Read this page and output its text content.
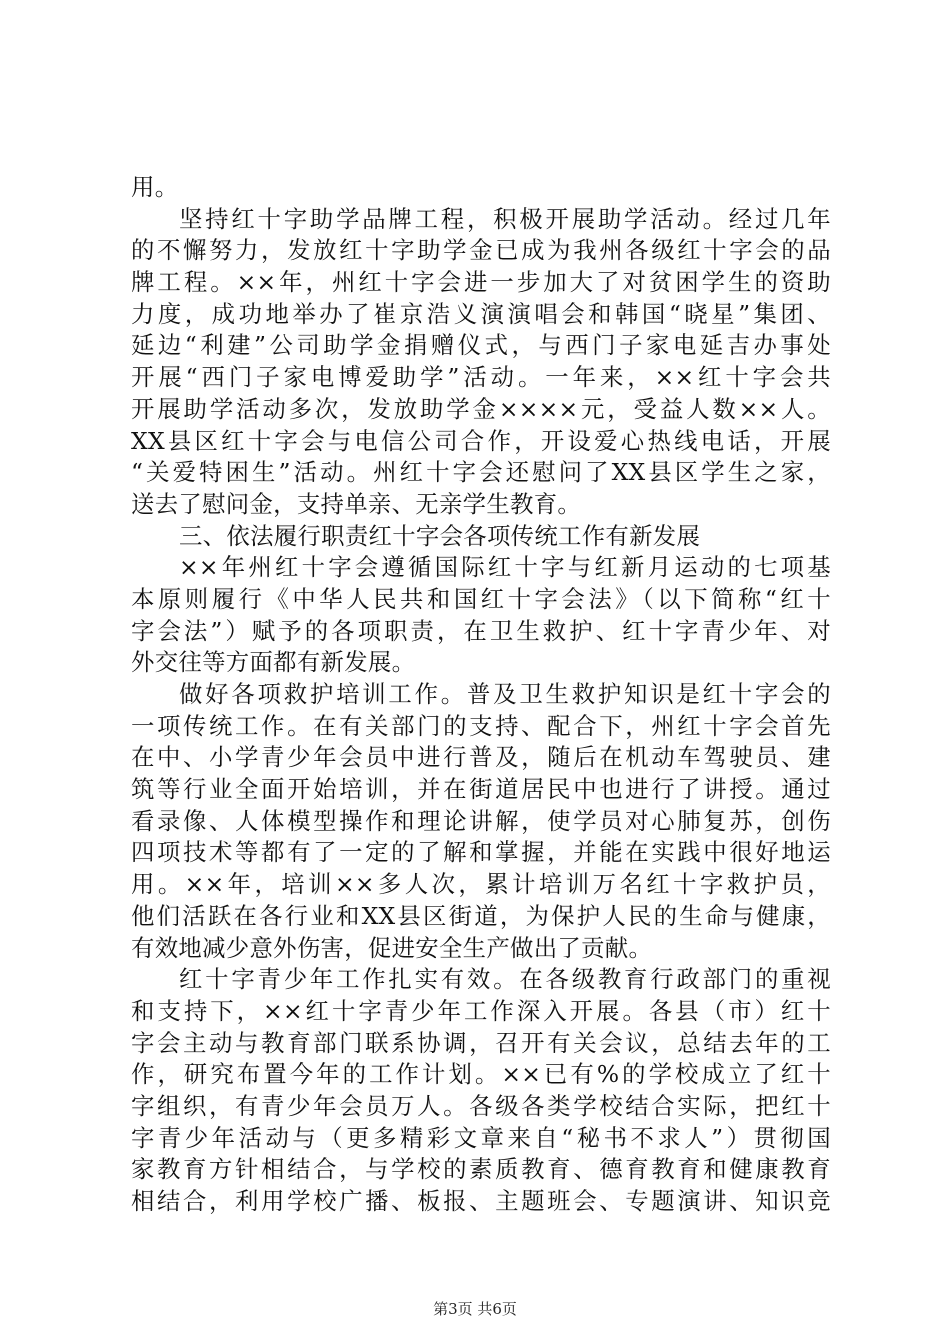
用。
坚持红十字助学品牌工程，积极开展助学活动。经过几年
的不懈努力，发放红十字助学金已成为我州各级红十字会的品
牌工程。××年，州红十字会进一步加大了对贫困学生的资助
力度，成功地举办了崔京浩义演演唱会和韩国“晓星”集团、
延边“利建”公司助学金捐赠仪式，与西门子家电延吉办事处
开展“西门子家电博爱助学”活动。一年来，××红十字会共
开展助学活动多次，发放助学金××××元，受益人数××人。
XX县区红十字会与电信公司合作，开设爱心热线电话，开展
“关爱特困生”活动。州红十字会还慰问了XX县区学生之家，
送去了慰问金，支持单亲、无亲学生教育。
三、依法履行职责红十字会各项传统工作有新发展
××年州红十字会遵循国际红十字与红新月运动的七项基
本原则履行《中华人民共和国红十字会法》（以下简称“红十
字会法”）赋予的各项职责，在卫生救护、红十字青少年、对
外交往等方面都有新发展。
做好各项救护培训工作。普及卫生救护知识是红十字会的
一项传统工作。在有关部门的支持、配合下，州红十字会首先
在中、小学青少年会员中进行普及，随后在机动车驾驶员、建
筑等行业全面开始培训，并在街道居民中也进行了讲授。通过
看录像、人体模型操作和理论讲解，使学员对心肺复苏，创伤
四项技术等都有了一定的了解和掌握，并能在实践中很好地运
用。××年，培训××多人次，累计培训万名红十字救护员，
他们活跃在各行业和XX县区街道，为保护人民的生命与健康，
有效地减少意外伤害，促进安全生产做出了贡献。
红十字青少年工作扎实有效。在各级教育行政部门的重视
和支持下，××红十字青少年工作深入开展。各县（市）红十
字会主动与教育部门联系协调，召开有关会议，总结去年的工
作，研究布置今年的工作计划。××已有%的学校成立了红十
字组织，有青少年会员万人。各级各类学校结合实际，把红十
字青少年活动与（更多精彩文章来自“秘书不求人”）贯彻国
家教育方针相结合，与学校的素质教育、德育教育和健康教育
相结合，利用学校广播、板报、主题班会、专题演讲、知识竞
第3页 共6页
